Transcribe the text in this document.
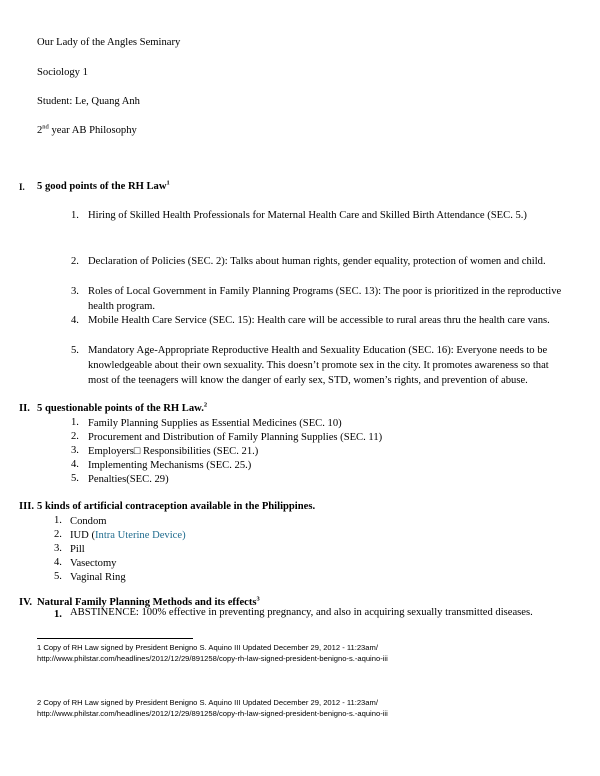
Our Lady of the Angles Seminary
Sociology 1
Student: Le, Quang Anh
2nd year AB Philosophy
I. 5 good points of the RH Law$^1$
1. Hiring of Skilled Health Professionals for Maternal Health Care and Skilled Birth Attendance (SEC. 5.)
2. Declaration of Policies (SEC. 2): Talks about human rights, gender equality, protection of women and child.
3. Roles of Local Government in Family Planning Programs (SEC. 13): The poor is prioritized in the reproductive health program.
4. Mobile Health Care Service (SEC. 15): Health care will be accessible to rural areas thru the health care vans.
5. Mandatory Age-Appropriate Reproductive Health and Sexuality Education (SEC. 16): Everyone needs to be knowledgeable about their own sexuality. This doesn’t promote sex in the city. It promotes awareness so that most of the teenagers will know the danger of early sex, STD, women’s rights, and prevention of abuse.
II. 5 questionable points of the RH Law.$^2$
1. Family Planning Supplies as Essential Medicines (SEC. 10)
2. Procurement and Distribution of Family Planning Supplies (SEC. 11)
3. Employers□ Responsibilities (SEC. 21.)
4. Implementing Mechanisms (SEC. 25.)
5. Penalties(SEC. 29)
III. 5 kinds of artificial contraception available in the Philippines.
1. Condom
2. IUD (Intra Uterine Device)
3. Pill
4. Vasectomy
5. Vaginal Ring
IV. Natural Family Planning Methods and its effects$^3$
1. ABSTINENCE: 100% effective in preventing pregnancy, and also in acquiring sexually transmitted diseases.
1 Copy of RH Law signed by President Benigno S. Aquino III Updated December 29, 2012 - 11:23am/
http://www.philstar.com/headlines/2012/12/29/891258/copy-rh-law-signed-president-benigno-s.-aquino-iii
2 Copy of RH Law signed by President Benigno S. Aquino III Updated December 29, 2012 - 11:23am/
http://www.philstar.com/headlines/2012/12/29/891258/copy-rh-law-signed-president-benigno-s.-aquino-iii
